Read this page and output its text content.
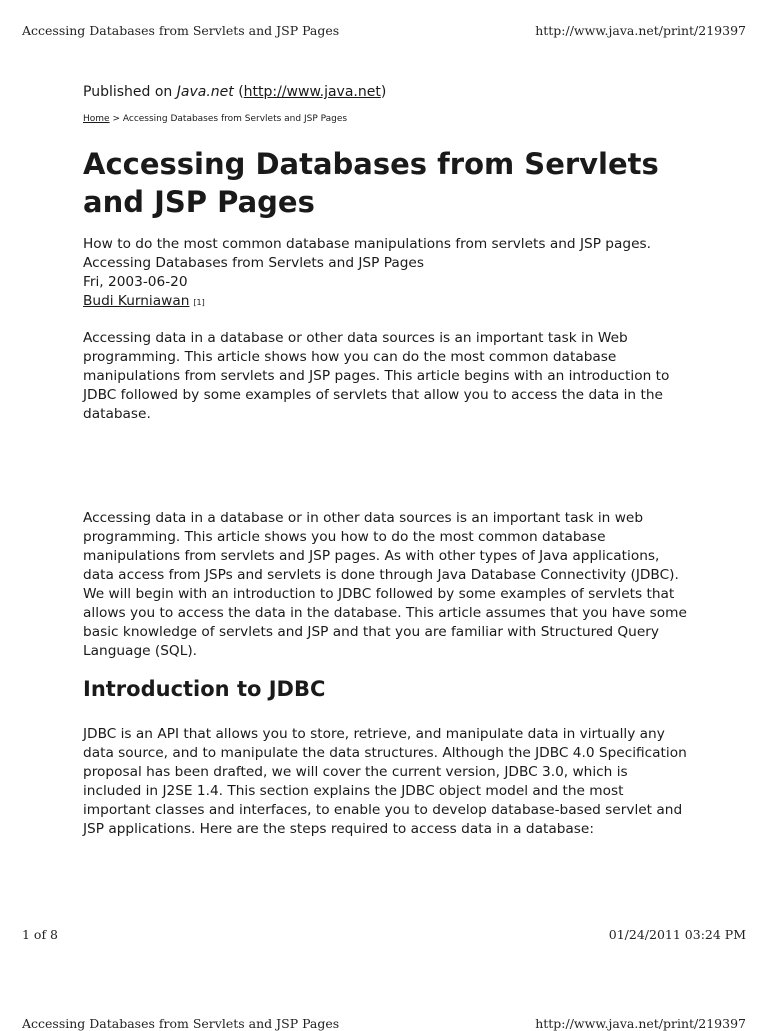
Accessing Databases from Servlets and JSP Pages	http://www.java.net/print/219397
Published on Java.net (http://www.java.net)
Home > Accessing Databases from Servlets and JSP Pages
Accessing Databases from Servlets and JSP Pages
How to do the most common database manipulations from servlets and JSP pages.
Accessing Databases from Servlets and JSP Pages
Fri, 2003-06-20
Budi Kurniawan [1]

Accessing data in a database or other data sources is an important task in Web programming. This article shows how you can do the most common database manipulations from servlets and JSP pages. This article begins with an introduction to JDBC followed by some examples of servlets that allow you to access the data in the database.

Accessing data in a database or in other data sources is an important task in web programming. This article shows you how to do the most common database manipulations from servlets and JSP pages. As with other types of Java applications, data access from JSPs and servlets is done through Java Database Connectivity (JDBC). We will begin with an introduction to JDBC followed by some examples of servlets that allows you to access the data in the database. This article assumes that you have some basic knowledge of servlets and JSP and that you are familiar with Structured Query Language (SQL).

Introduction to JDBC

JDBC is an API that allows you to store, retrieve, and manipulate data in virtually any data source, and to manipulate the data structures. Although the JDBC 4.0 Specification proposal has been drafted, we will cover the current version, JDBC 3.0, which is included in J2SE 1.4. This section explains the JDBC object model and the most important classes and interfaces, to enable you to develop database-based servlet and JSP applications. Here are the steps required to access data in a database:

1 of 8	01/24/2011 03:24 PM
Accessing Databases from Servlets and JSP Pages	http://www.java.net/print/219397
